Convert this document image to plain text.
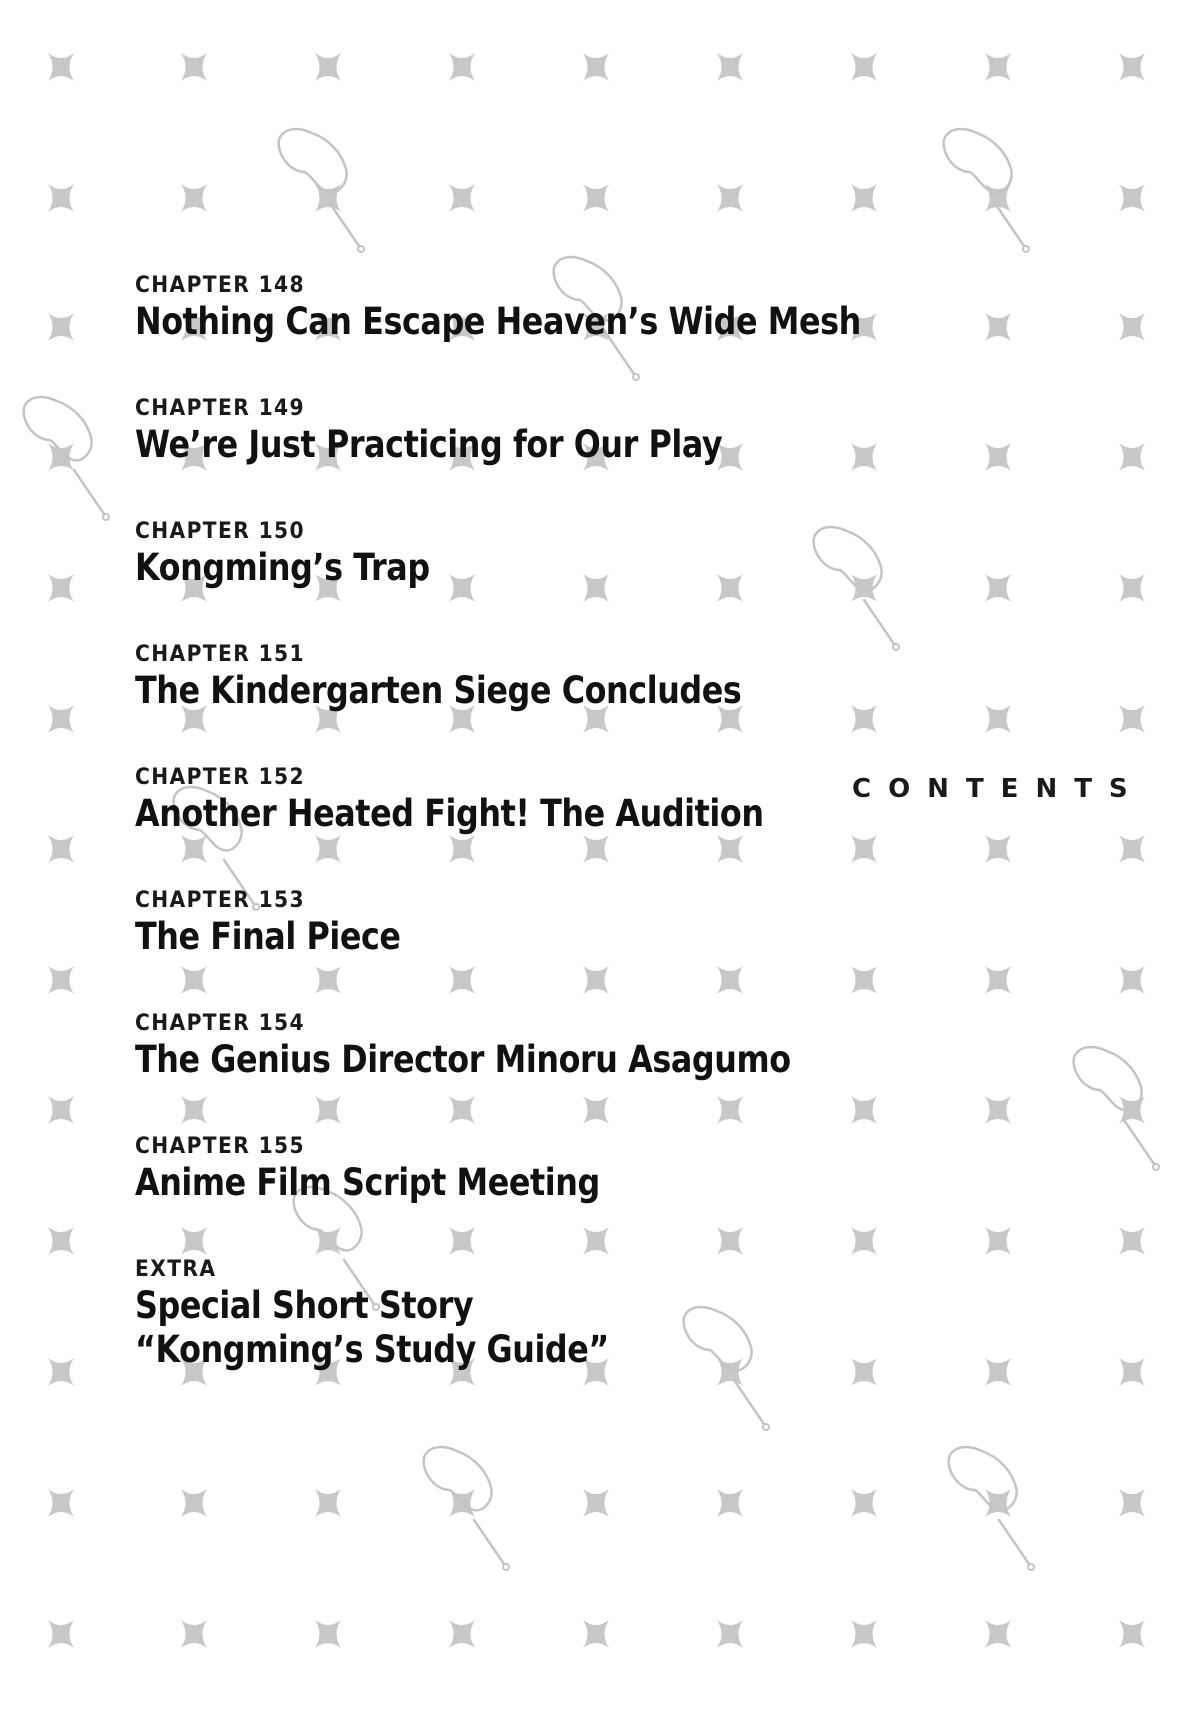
CONTENTS
CHAPTER 148
Nothing Can Escape Heaven’s Wide Mesh
CHAPTER 149
We’re Just Practicing for Our Play
CHAPTER 150
Kongming’s Trap
CHAPTER 151
The Kindergarten Siege Concludes
CHAPTER 152
Another Heated Fight! The Audition
CHAPTER 153
The Final Piece
CHAPTER 154
The Genius Director Minoru Asagumo
CHAPTER 155
Anime Film Script Meeting
EXTRA
Special Short Story
“Kongming’s Study Guide”
